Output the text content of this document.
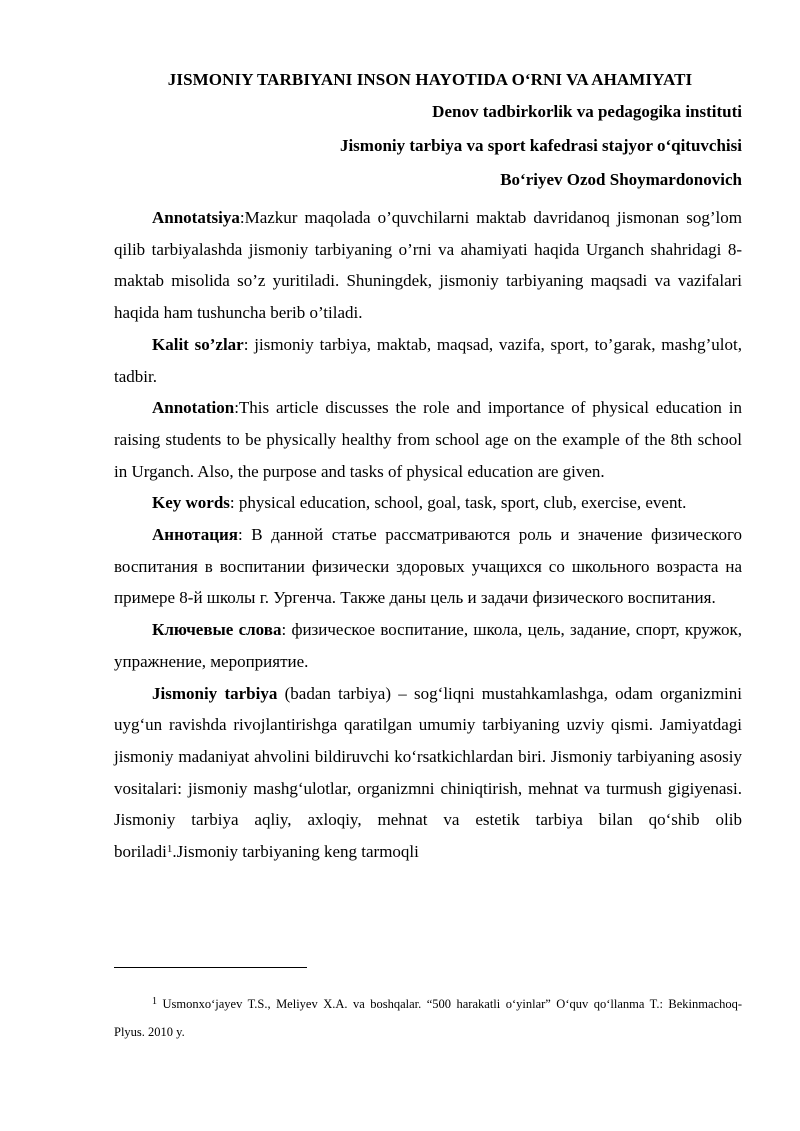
JISMONIY TARBIYANI INSON HAYOTIDA O‘RNI VA AHAMIYATI
Denov tadbirkorlik va pedagogika instituti
Jismoniy tarbiya va sport kafedrasi stajyor o‘qituvchisi
Bo‘riyev Ozod Shoymardonovich

Annotatsiya:Mazkur maqolada o’quvchilarni maktab davridanoq jismonan sog’lom qilib tarbiyalashda jismoniy tarbiyaning o’rni va ahamiyati haqida Urganch shahridagi 8-maktab misolida so’z yuritiladi. Shuningdek, jismoniy tarbiyaning maqsadi va vazifalari haqida ham tushuncha berib o’tiladi.

Kalit so’zlar: jismoniy tarbiya, maktab, maqsad, vazifa, sport, to’garak, mashg’ulot, tadbir.

Annotation:This article discusses the role and importance of physical education in raising students to be physically healthy from school age on the example of the 8th school in Urganch. Also, the purpose and tasks of physical education are given.

Key words: physical education, school, goal, task, sport, club, exercise, event.

Аннотация: В данной статье рассматриваются роль и значение физического воспитания в воспитании физически здоровых учащихся со школьного возраста на примере 8-й школы г. Ургенча. Также даны цель и задачи физического воспитания.

Ключевые слова: физическое воспитание, школа, цель, задание, спорт, кружок, упражнение, мероприятие.

Jismoniy tarbiya (badan tarbiya) – sog‘liqni mustahkamlashga, odam organizmini uyg‘un ravishda rivojlantirishga qaratilgan umumiy tarbiyaning uzviy qismi. Jamiyatdagi jismoniy madaniyat ahvolini bildiruvchi ko‘rsatkichlardan biri. Jismoniy tarbiyaning asosiy vositalari: jismoniy mashg‘ulotlar, organizmni chiniqtirish, mehnat va turmush gigiyenasi. Jismoniy tarbiya aqliy, axloqiy, mehnat va estetik tarbiya bilan qo‘shib olib boriladi$^1$.Jismoniy tarbiyaning keng tarmoqli

$^1$ Usmonxo‘jayev T.S., Meliyev X.A. va boshqalar. “500 harakatli o‘yinlar” O‘quv qo‘llanma T.: Bekinmachoq-Plyus. 2010 y.
